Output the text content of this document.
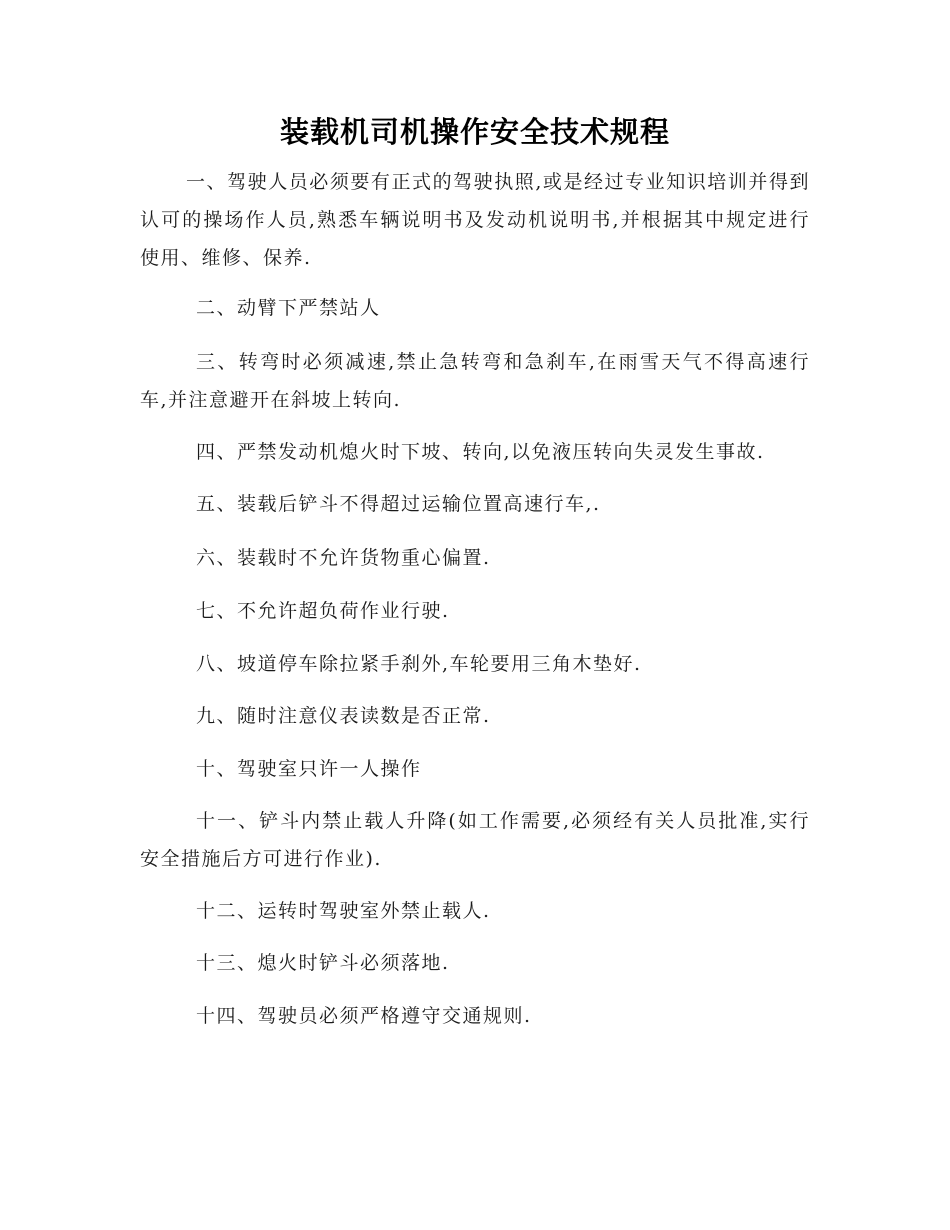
装载机司机操作安全技术规程
一、驾驶人员必须要有正式的驾驶执照,或是经过专业知识培训并得到认可的操场作人员,熟悉车辆说明书及发动机说明书,并根据其中规定进行使用、维修、保养.
二、动臂下严禁站人
三、转弯时必须减速,禁止急转弯和急刹车,在雨雪天气不得高速行车,并注意避开在斜坡上转向.
四、严禁发动机熄火时下坡、转向,以免液压转向失灵发生事故.
五、装载后铲斗不得超过运输位置高速行车,.
六、装载时不允许货物重心偏置.
七、不允许超负荷作业行驶.
八、坡道停车除拉紧手刹外,车轮要用三角木垫好.
九、随时注意仪表读数是否正常.
十、驾驶室只许一人操作
十一、铲斗内禁止载人升降(如工作需要,必须经有关人员批准,实行安全措施后方可进行作业).
十二、运转时驾驶室外禁止载人.
十三、熄火时铲斗必须落地.
十四、驾驶员必须严格遵守交通规则.
